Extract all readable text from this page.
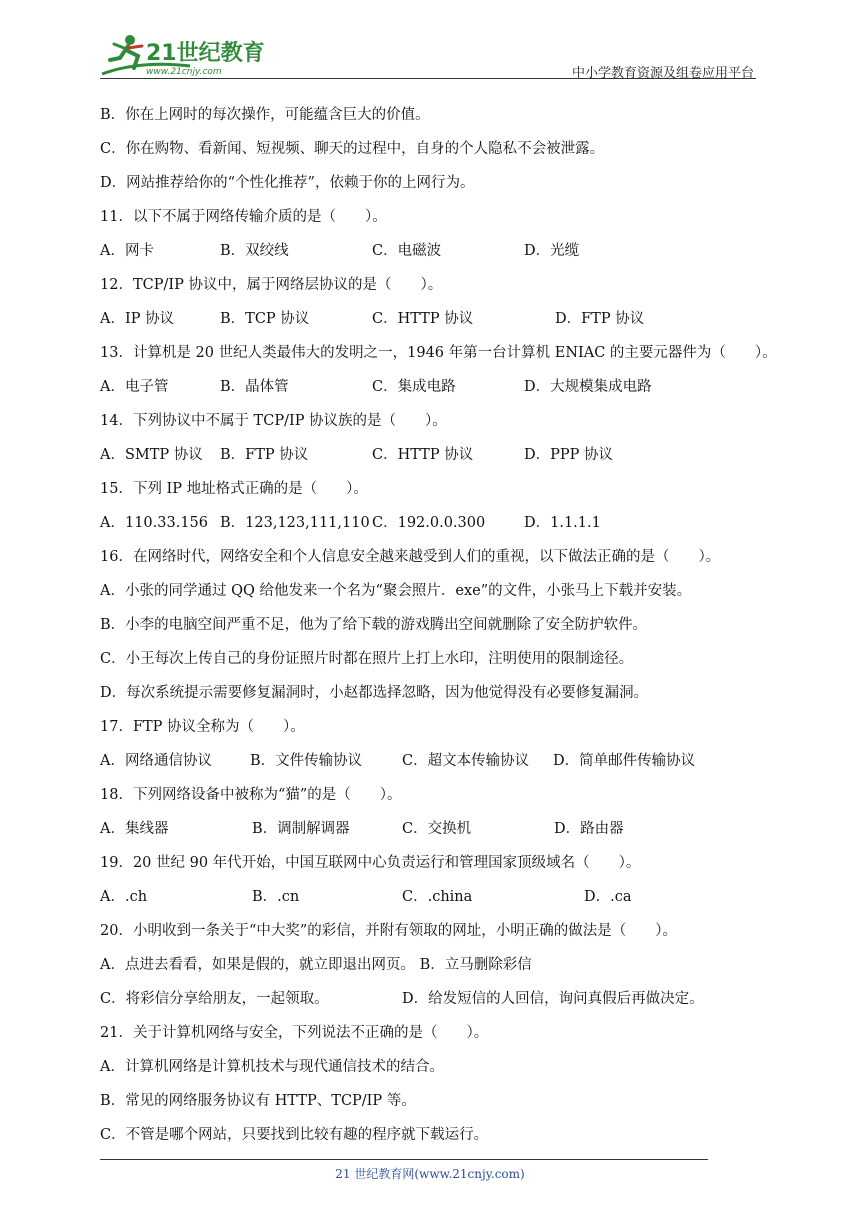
21世纪教育
www.21cnjy.com	中小学教育资源及组卷应用平台
B．你在上网时的每次操作，可能蕴含巨大的价值。
C．你在购物、看新闻、短视频、聊天的过程中，自身的个人隐私不会被泄露。
D．网站推荐给你的“个性化推荐”，依赖于你的上网行为。
11．以下不属于网络传输介质的是（　　）。
A．网卡	B．双绞线	C．电磁波	D．光缆
12．TCP/IP 协议中，属于网络层协议的是（　　）。
A．IP 协议	B．TCP 协议	C．HTTP 协议	D．FTP 协议
13．计算机是 20 世纪人类最伟大的发明之一，1946 年第一台计算机 ENIAC 的主要元器件为（　　）。
A．电子管	B．晶体管	C．集成电路	D．大规模集成电路
14．下列协议中不属于 TCP/IP 协议族的是（　　）。
A．SMTP 协议 B．FTP 协议	C．HTTP 协议	D．PPP 协议
15．下列 IP 地址格式正确的是（　　）。
A．110.33.156 B．123,123,111,110 C．192.0.0.300	D．1.1.1.1
16．在网络时代，网络安全和个人信息安全越来越受到人们的重视，以下做法正确的是（　　）。
A．小张的同学通过 QQ 给他发来一个名为“聚会照片．exe”的文件，小张马上下载并安装。
B．小李的电脑空间严重不足，他为了给下载的游戏腾出空间就删除了安全防护软件。
C．小王每次上传自己的身份证照片时都在照片上打上水印，注明使用的限制途径。
D．每次系统提示需要修复漏洞时，小赵都选择忽略，因为他觉得没有必要修复漏洞。
17．FTP 协议全称为（　　）。
A．网络通信协议	B．文件传输协议	C．超文本传输协议 D．简单邮件传输协议
18．下列网络设备中被称为“猫”的是（　　）。
A．集线器	B．调制解调器	C．交换机	D．路由器
19．20 世纪 90 年代开始，中国互联网中心负责运行和管理国家顶级域名（　　）。
A．.ch	B．.cn	C．.china	D．.ca
20．小明收到一条关于“中大奖”的彩信，并附有领取的网址，小明正确的做法是（　　）。
A．点进去看看，如果是假的，就立即退出网页。 B．立马删除彩信
C．将彩信分享给朋友，一起领取。	D．给发短信的人回信，询问真假后再做决定。
21．关于计算机网络与安全，下列说法不正确的是（　　）。
A．计算机网络是计算机技术与现代通信技术的结合。
B．常见的网络服务协议有 HTTP、TCP/IP 等。
C．不管是哪个网站，只要找到比较有趣的程序就下载运行。
21 世纪教育网(www.21cnjy.com)
